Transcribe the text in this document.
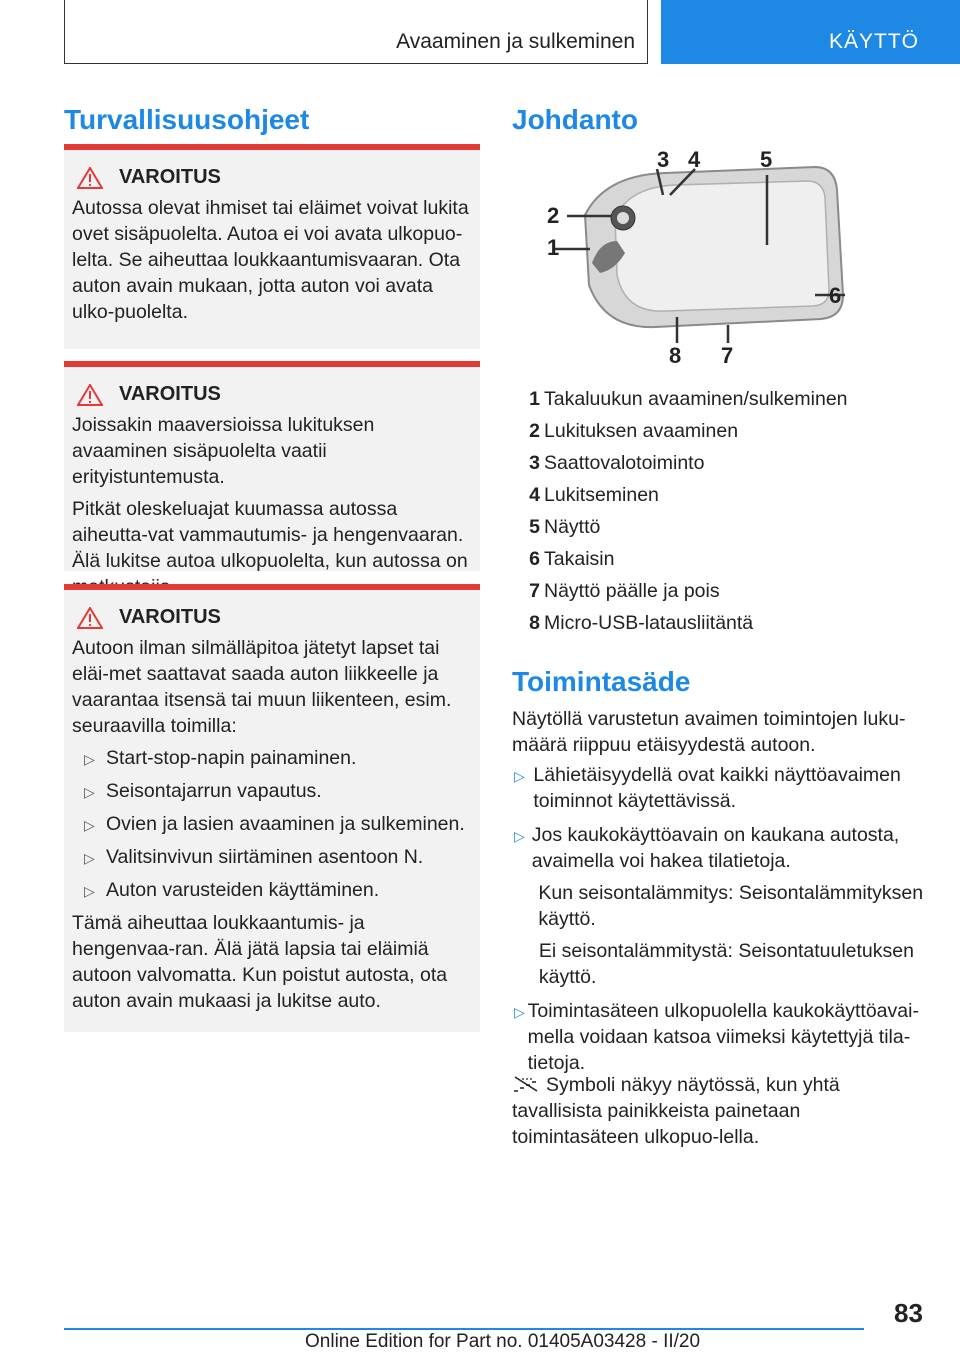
Avaaminen ja sulkeminen	KÄYTTÖ
Turvallisuusohjeet
VAROITUS

Autossa olevat ihmiset tai eläimet voivat lukita ovet sisäpuolelta. Autoa ei voi avata ulkopuo-lelta. Se aiheuttaa loukkaantumisvaaran. Ota auton avain mukaan, jotta auton voi avata ulko-puolelta.

VAROITUS

Joissakin maaversioissa lukituksen avaaminen sisäpuolelta vaatii erityistuntemusta.

Pitkät oleskeluajat kuumassa autossa aiheutta-vat vammautumis- ja hengenvaaran. Älä lukitse autoa ulkopuolelta, kun autossa on

VAROITUS

Autoon ilman silmälläpitoa jätetyt lapset tai eläi-met saattavat saada auton liikkeelle ja vaarantaa itsensä tai muun liikenteen, esim. seuraavilla toimilla:

▷ Start-stop-napin painaminen.
▷ Seisontajarrun vapautus.
▷ Ovien ja lasien avaaminen ja sulkeminen.
▷ Valitsinvivun siirtäminen asentoon N.
▷ Auton varusteiden käyttäminen.

Tämä aiheuttaa loukkaantumis- ja hengenvaa-ran. Älä jätä lapsia tai eläimiä autoon valvomatta. Kun poistut autosta, ota auton avain mukaasi ja lukitse auto.

Johdanto
1
2
3 4	5
6
7
8
1 Takaluukun avaaminen/sulkeminen
2 Lukituksen avaaminen
3 Saattovalotoiminto
4 Lukitseminen
5 Näyttö
6 Takaisin
7 Näyttö päälle ja pois
8 Micro-USB-latausliitäntä
Toimintasäde

Näytöllä varustetun avaimen toimintojen luku-määrä riippuu etäisyydestä autoon.

▷ Lähietäisyydellä ovat kaikki näyttöavaimen toiminnot käytettävissä.
▷ Jos kaukokäyttöavain on kaukana autosta, avaimella voi hakea tilatietoja.
Kun seisontalämmitys: Seisontalämmityksen käyttö.
Ei seisontalämmitystä: Seisontatuuletuksen käyttö.
▷ Toimintasäteen ulkopuolella kaukokäyttöavai-mella voidaan katsoa viimeksi käytettyjä tila-tietoja.

Symboli näkyy näytössä, kun yhtä tavallisista painikkeista painetaan toimintasäteen ulkopuo-lella.

83
Online Edition for Part no. 01405A03428 - II/20
